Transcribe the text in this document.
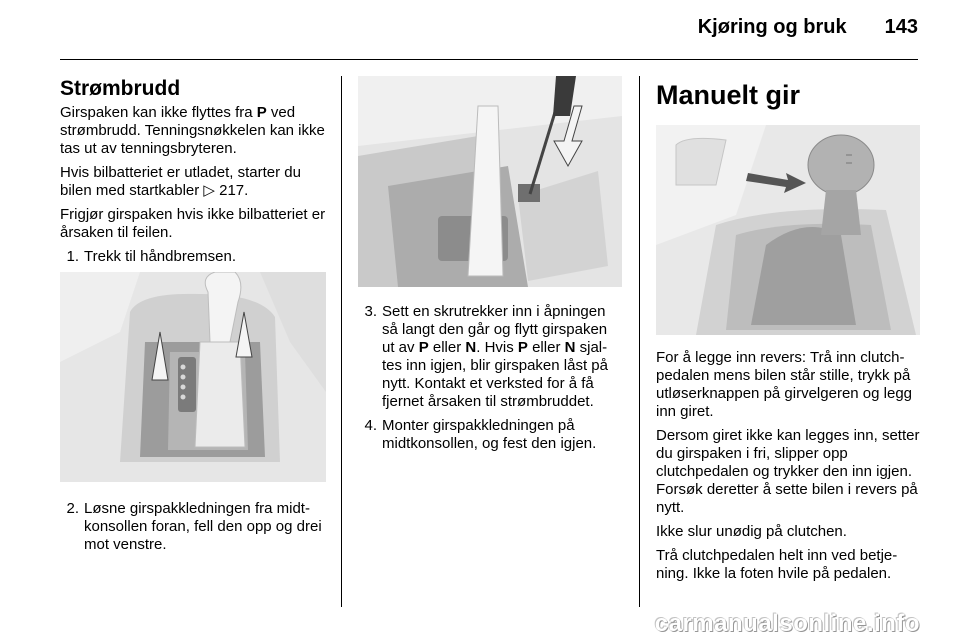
Kjøring og bruk 143
Strømbrudd

Girspaken kan ikke flyttes fra P ved strømbrudd. Tenningsnøkkelen kan ikke tas ut av tenningsbryteren.

Hvis bilbatteriet er utladet, starter du bilen med startkabler ▷ 217.

Frigjør girspaken hvis ikke bilbatteriet er årsaken til feilen.

1. Trekk til håndbremsen.
2. Løsne girspakkledningen fra midtkonsollen foran, fell den opp og drei mot venstre.
3. Sett en skrutrekker inn i åpningen så langt den går og flytt girspaken ut av P eller N. Hvis P eller N sjaltes inn igjen, blir girspaken låst på nytt. Kontakt et verksted for å få fjernet årsaken til strømbruddet.
4. Monter girspakkledningen på midtkonsollen, og fest den igjen.
Manuelt gir

For å legge inn revers: Trå inn clutchpedalen mens bilen står stille, trykk på utløserknappen på girvelgeren og legg inn giret.

Dersom giret ikke kan legges inn, setter du girspaken i fri, slipper opp clutchpedalen og trykker den inn igjen. Forsøk deretter å sette bilen i revers på nytt.

Ikke slur unødig på clutchen.

Trå clutchpedalen helt inn ved betjening. Ikke la foten hvile på pedalen.

carmanualsonline.info
